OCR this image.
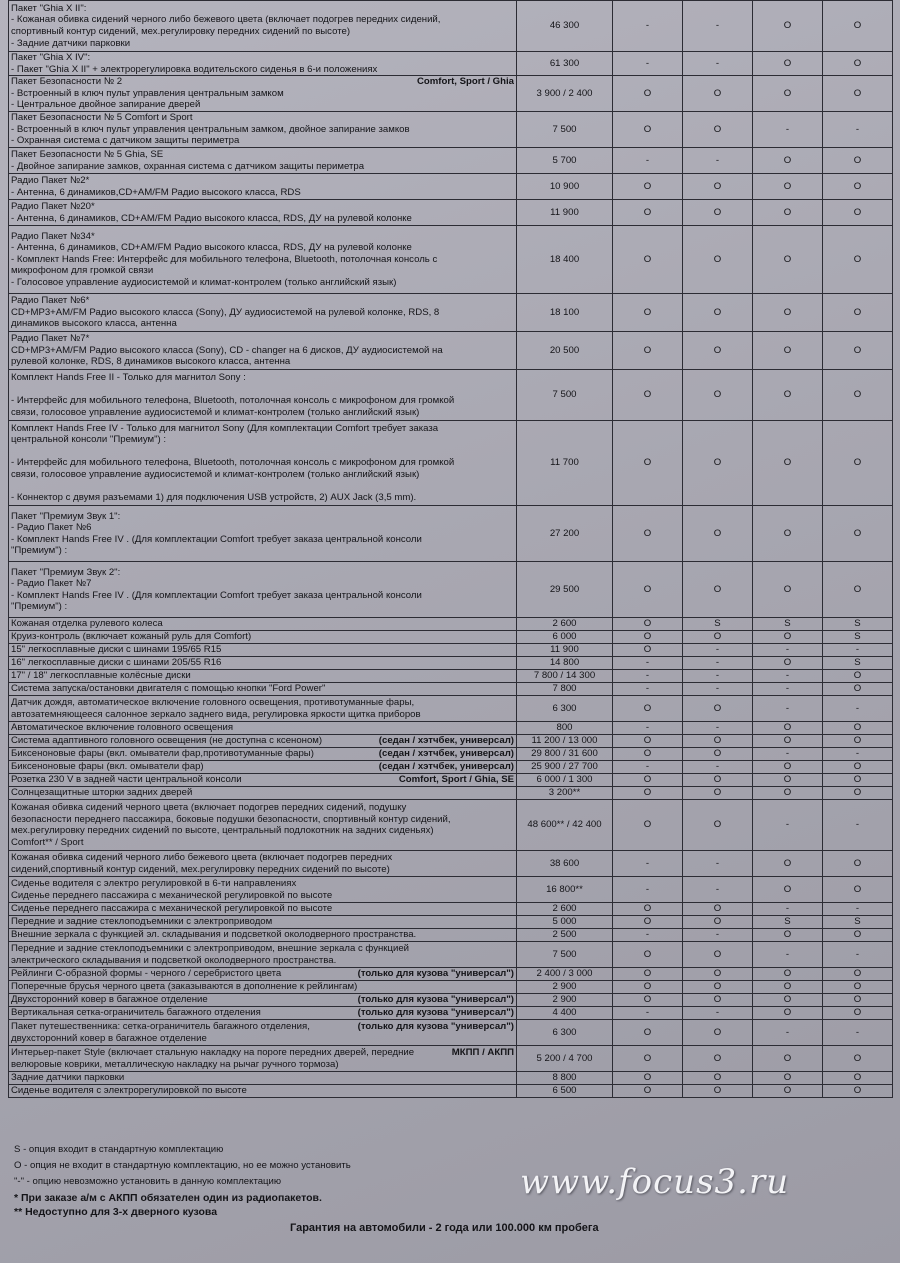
Пакет "Ghia X II":
- Кожаная обивка сидений черного либо бежевого цвета (включает подогрев передних сидений,
спортивный контур сидений, мех.регулировку передних сидений по высоте)
- Задние датчики парковки	46 300	-	-	O	O

Пакет "Ghia X IV":
- Пакет "Ghia X II" + электрорегулировка водительского сиденья в 6-и положениях	61 300	-	-	O	O

Comfort, Sport / Ghia
Пакет Безопасности № 2
- Встроенный в ключ пульт управления центральным замком
- Центральное двойное запирание дверей	3 900 / 2 400	O	O	O	O

Пакет Безопасности № 5 Comfort и Sport
- Встроенный в ключ пульт управления центральным замком, двойное запирание замков
- Охранная система с датчиком защиты периметра	7 500	O	O	-	-

Пакет Безопасности № 5 Ghia, SE
- Двойное запирание замков, охранная система с датчиком защиты периметра	5 700	-	-	O	O

Радио Пакет №2*
- Антенна, 6 динамиков,CD+AM/FM Радио высокого класса, RDS	10 900	O	O	O	O

Радио Пакет №20*
- Антенна, 6 динамиков, CD+AM/FM Радио высокого класса, RDS, ДУ на рулевой колонке	11 900	O	O	O	O

Радио Пакет №34*
- Антенна, 6 динамиков, CD+AM/FM Радио высокого класса, RDS, ДУ на рулевой колонке
- Комплект Hands Free: Интерфейс для мобильного телефона, Bluetooth, потолочная консоль с
микрофоном для громкой связи
- Голосовое управление аудиосистемой и климат-контролем (только английский язык)	18 400	O	O	O	O

Радио Пакет №6*
CD+MP3+AM/FM Радио высокого класса (Sony), ДУ аудиосистемой на рулевой колонке, RDS, 8
динамиков высокого класса, антенна	18 100	O	O	O	O

Радио Пакет №7*
CD+MP3+AM/FM Радио высокого класса (Sony), CD - changer на 6 дисков, ДУ аудиосистемой на
рулевой колонке, RDS, 8 динамиков высокого класса, антенна	20 500	O	O	O	O

Комплект Hands Free II - Только для магнитол Sony :

- Интерфейс для мобильного телефона, Bluetooth, потолочная консоль с микрофоном для громкой
связи, голосовое управление аудиосистемой и климат-контролем (только английский язык)	7 500	O	O	O	O

Комплект Hands Free IV - Только для магнитол Sony (Для комплектации Comfort требует заказа
центральной консоли "Премиум") :

- Интерфейс для мобильного телефона, Bluetooth, потолочная консоль с микрофоном для громкой
связи, голосовое управление аудиосистемой и климат-контролем (только английский язык)

- Коннектор с двумя разъемами 1) для подключения USB устройств, 2) AUX Jack (3,5 mm).	11 700	O	O	O	O

Пакет "Премиум Звук 1":
- Радио Пакет №6
- Комплект Hands Free IV . (Для комплектации Comfort требует заказа центральной консоли
"Премиум") :	27 200	O	O	O	O

Пакет "Премиум Звук 2":
- Радио Пакет №7
- Комплект Hands Free IV . (Для комплектации Comfort требует заказа центральной консоли
"Премиум") :	29 500	O	O	O	O

Кожаная отделка рулевого колеса	2 600	O	S	S	S

Круиз-контроль (включает кожаный руль для Comfort)	6 000	O	O	O	S

15" легкосплавные диски с шинами 195/65 R15	11 900	O	-	-	-

16" легкосплавные диски с шинами 205/55 R16	14 800	-	-	O	S

17" / 18" легкосплавные колёсные диски	7 800 / 14 300	-	-	-	O

Система запуска/остановки двигателя с помощью кнопки "Ford Power"	7 800	-	-	-	O

Датчик дождя, автоматическое включение головного освещения, противотуманные фары,
автозатемняющееся салонное зеркало заднего вида, регулировка яркости щитка приборов	6 300	O	O	-	-

Автоматическое включение головного освещения	800	-	-	O	O

(седан / хэтчбек, универсал)
Система адаптивного головного освещения (не доступна с ксеноном)	11 200 / 13 000	O	O	O	O

(седан / хэтчбек, универсал)
Биксеноновые фары (вкл. омыватели фар,противотуманные фары)	29 800 / 31 600	O	O	-	-

(седан / хэтчбек, универсал)
Биксеноновые фары (вкл. омыватели фар)	25 900 / 27 700	-	-	O	O

Comfort, Sport / Ghia, SE
Розетка 230 V в задней части центральной консоли	6 000 / 1 300	O	O	O	O

Солнцезащитные шторки задних дверей	3 200**	O	O	O	O

Кожаная обивка сидений черного цвета (включает подогрев передних сидений, подушку
безопасности переднего пассажира, боковые подушки безопасности, спортивный контур сидений,
мех.регулировку передних сидений по высоте, центральный подлокотник на задних сиденьях)
Comfort** / Sport	48 600** / 42 400	O	O	-	-

Кожаная обивка сидений черного либо бежевого цвета (включает подогрев передних
сидений,спортивный контур сидений, мех.регулировку передних сидений по высоте)	38 600	-	-	O	O

Сиденье водителя с электро регулировкой в 6-ти направлениях
Сиденье переднего пассажира с механической регулировкой по высоте	16 800**	-	-	O	O

Сиденье переднего пассажира с механической регулировкой по высоте	2 600	O	O	-	-

Передние и задние стеклоподъемники с электроприводом	5 000	O	O	S	S

Внешние зеркала с функцией эл. складывания и подсветкой околодверного пространства.	2 500	-	-	O	O

Передние и задние стеклоподъемники с электроприводом, внешние зеркала с функцией
электрического складывания и подсветкой околодверного пространства.	7 500	O	O	-	-

(только для кузова "универсал")
Рейлинги С-образной формы - черного / серебристого цвета	2 400 / 3 000	O	O	O	O

Поперечные брусья черного цвета (заказываются в дополнение к рейлингам)	2 900	O	O	O	O

(только для кузова "универсал")
Двухсторонний ковер в багажное отделение	2 900	O	O	O	O

(только для кузова "универсал")
Вертикальная сетка-ограничитель багажного отделения	4 400	-	-	O	O

(только для кузова "универсал")
Пакет путешественника: сетка-ограничитель багажного отделения,
двухсторонний ковер в багажное отделение	6 300	O	O	-	-

МКПП / АКПП
Интерьер-пакет Style (включает стальную накладку на пороге передних дверей, передние
велюровые коврики, металлическую накладку на рычаг ручного тормоза)	5 200 / 4 700	O	O	O	O

Задние датчики парковки	8 800	O	O	O	O

Сиденье водителя с электрорегулировкой по высоте	6 500	O	O	O	O
S - опция входит в стандартную комплектацию
O - опция не входит в стандартную комплектацию, но ее можно установить
"-" - опцию невозможно установить в данную комплектацию
* При заказе а/м с АКПП обязателен один из радиопакетов.
** Недоступно для 3-х дверного кузова
www.focus3.ru
Гарантия на автомобили - 2 года или 100.000 км пробега
